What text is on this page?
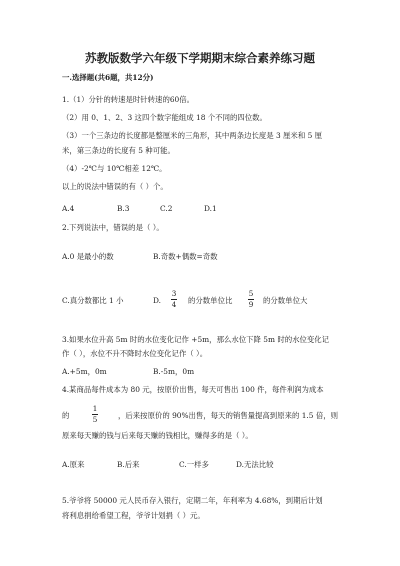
苏教版数学六年级下学期期末综合素养练习题
一.选择题(共6题，共12分)
1.（1）分针的转速是时针转速的60倍。
（2）用 0、1、2、3 这四个数字能组成 18 个不同的四位数。
（3）一个三条边的长度都是整厘米的三角形，其中两条边长度是 3 厘米和 5 厘
米，第三条边的长度有 5 种可能。
（4）-2℃与 10℃相差 12℃。
以上的说法中错误的有（ ）个。
A.4	B.3	C.2	D.1
2.下列说法中，错误的是（ ）。
A.0 是最小的数	B.奇数+偶数=奇数
C.真分数都比 1 小	D.
3
4 的分数单位比
5
9 的分数单位大
3.如果水位升高 5m 时的水位变化记作 +5m，那么水位下降 5m 时的水位变化记
作（ ），水位不升不降时水位变化记作（ ）。
A.+5m，0m	B.-5m，0m
4.某商品每件成本为 80 元，按原价出售，每天可售出 100 件，每件利润为成本
的
1
5	，后来按原价的 90%出售，每天的销售量提高到原来的 1.5 倍，则
原来每天赚的钱与后来每天赚的钱相比，赚得多的是（ ）。
A.原来	B.后来	C.一样多	D.无法比较
5.爷爷将 50000 元人民币存入银行，定期二年，年利率为 4.68%，到期后计划
将利息捐给希望工程，爷爷计划捐（ ）元。
